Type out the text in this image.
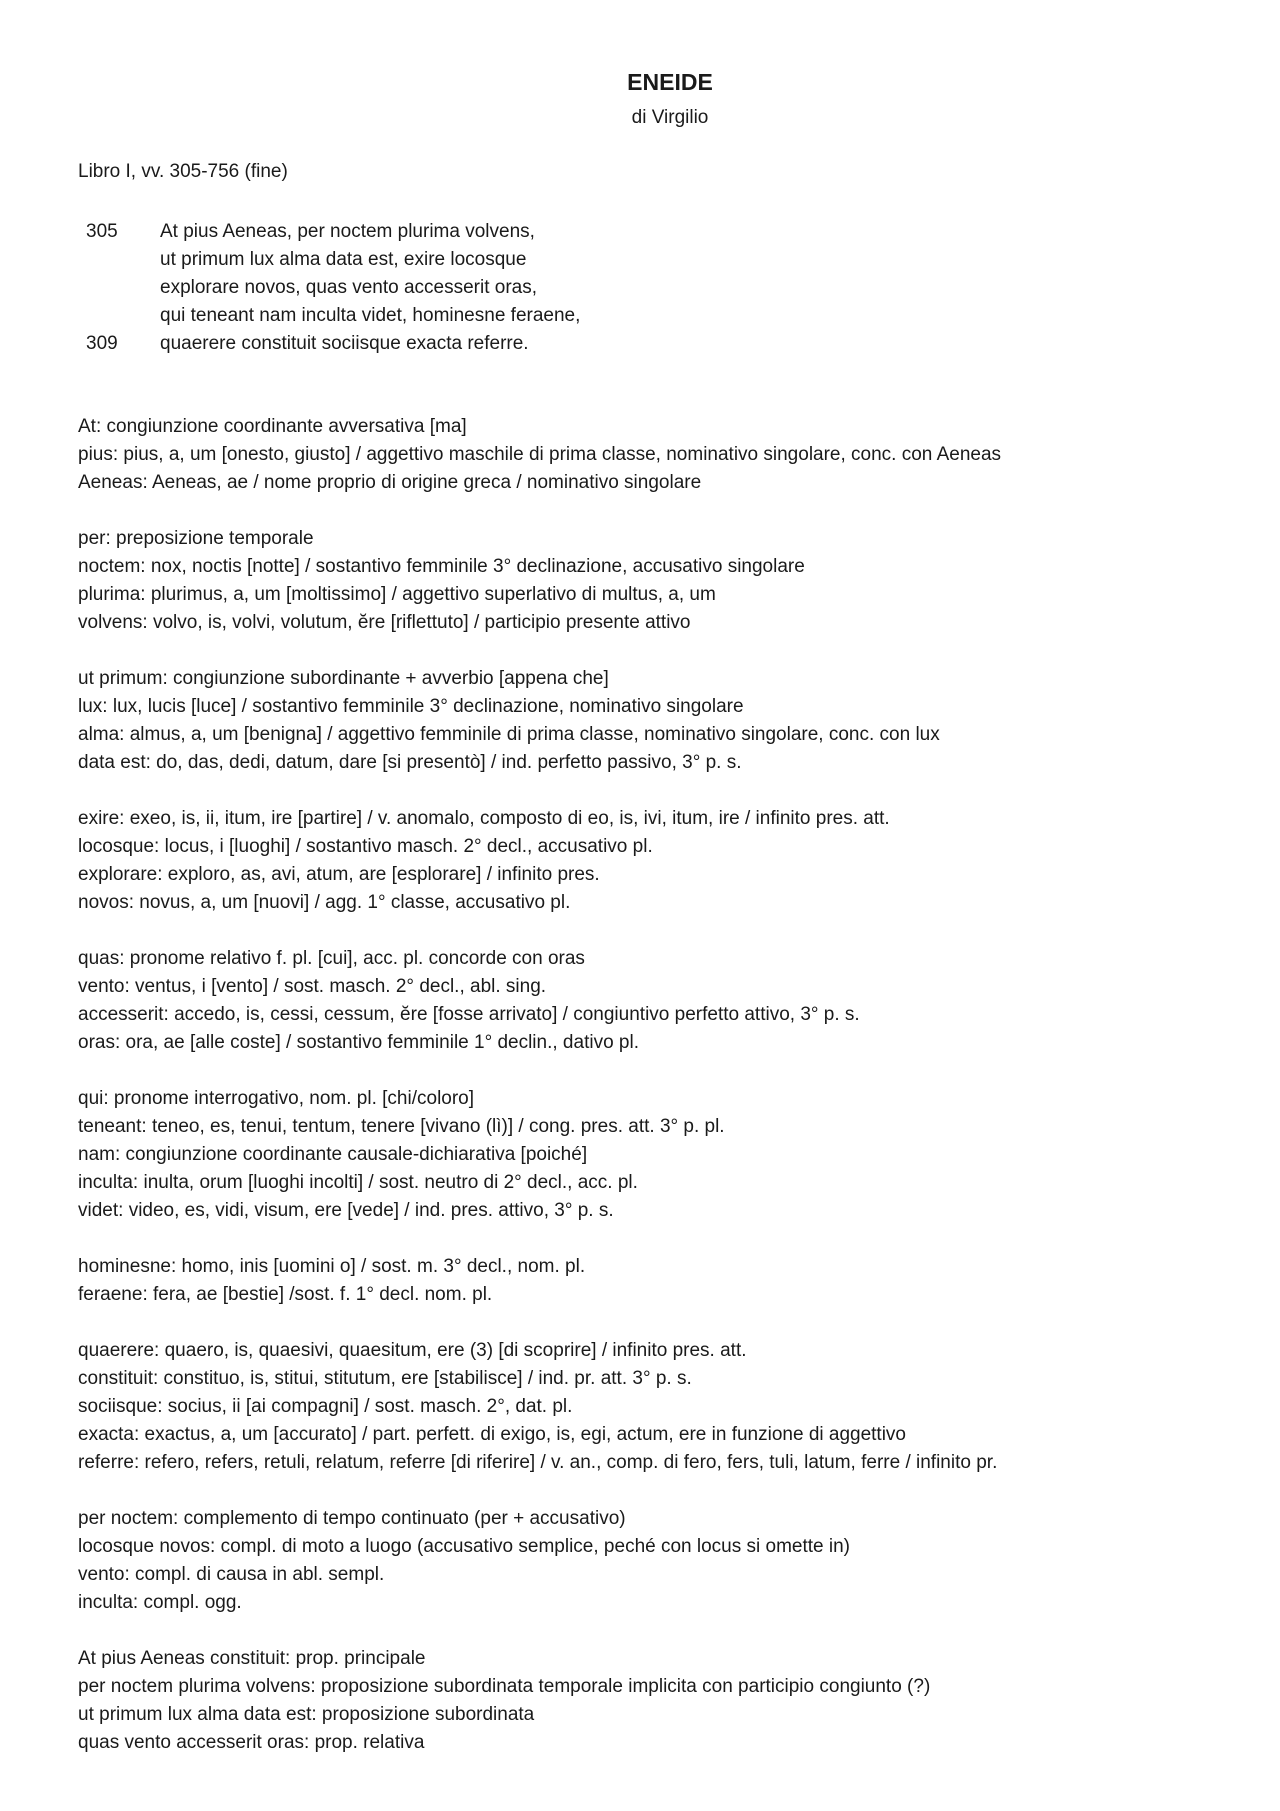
ENEIDE
di Virgilio
Libro I, vv. 305-756 (fine)
305	At pius Aeneas, per noctem plurima volvens,
ut primum lux alma data est, exire locosque
explorare novos, quas vento accesserit oras,
qui teneant nam inculta videt, hominesne feraene,
309	quaerere constituit sociisque exacta referre.
At: congiunzione coordinante avversativa [ma]
pius: pius, a, um [onesto, giusto] / aggettivo maschile di prima classe, nominativo singolare, conc. con Aeneas
Aeneas: Aeneas, ae / nome proprio di origine greca / nominativo singolare
per: preposizione temporale
noctem: nox, noctis [notte] / sostantivo femminile 3° declinazione, accusativo singolare
plurima: plurimus, a, um [moltissimo] / aggettivo superlativo di multus, a, um
volvens: volvo, is, volvi, volutum, ĕre [riflettuto] / participio presente attivo
ut primum: congiunzione subordinante + avverbio [appena che]
lux: lux, lucis [luce] / sostantivo femminile 3° declinazione, nominativo singolare
alma: almus, a, um [benigna] / aggettivo femminile di prima classe, nominativo singolare, conc. con lux
data est: do, das, dedi, datum, dare [si presentò] / ind. perfetto passivo, 3° p. s.
exire: exeo, is, ii, itum, ire [partire] / v. anomalo, composto di eo, is, ivi, itum, ire / infinito pres. att.
locosque: locus, i [luoghi] / sostantivo masch. 2° decl., accusativo pl.
explorare: exploro, as, avi, atum, are [esplorare] / infinito pres.
novos: novus, a, um [nuovi] / agg. 1° classe, accusativo pl.
quas: pronome relativo f. pl. [cui], acc. pl. concorde con oras
vento: ventus, i [vento] / sost. masch. 2° decl., abl. sing.
accesserit: accedo, is, cessi, cessum, ĕre [fosse arrivato] / congiuntivo perfetto attivo, 3° p. s.
oras: ora, ae [alle coste] / sostantivo femminile 1° declin., dativo pl.
qui: pronome interrogativo, nom. pl. [chi/coloro]
teneant: teneo, es, tenui, tentum, tenere [vivano (lì)] / cong. pres. att. 3° p. pl.
nam: congiunzione coordinante causale-dichiarativa [poiché]
inculta: inulta, orum [luoghi incolti] / sost. neutro di 2° decl., acc. pl.
videt: video, es, vidi, visum, ere [vede] / ind. pres. attivo, 3° p. s.
hominesne: homo, inis [uomini o] / sost. m. 3° decl., nom. pl.
feraene: fera, ae [bestie] /sost. f. 1° decl. nom. pl.
quaerere: quaero, is, quaesivi, quaesitum, ere (3) [di scoprire] / infinito pres. att.
constituit: constituo, is, stitui, stitutum, ere [stabilisce] / ind. pr. att. 3° p. s.
sociisque: socius, ii [ai compagni] / sost. masch. 2°, dat. pl.
exacta: exactus, a, um [accurato] / part. perfett. di exigo, is, egi, actum, ere in funzione di aggettivo
referre: refero, refers, retuli, relatum, referre [di riferire] / v. an., comp. di fero, fers, tuli, latum, ferre / infinito pr.
per noctem: complemento di tempo continuato (per + accusativo)
locosque novos: compl. di moto a luogo (accusativo semplice, peché con locus si omette in)
vento: compl. di causa in abl. sempl.
inculta: compl. ogg.
At pius Aeneas constituit: prop. principale
per noctem plurima volvens: proposizione subordinata temporale implicita con participio congiunto (?)
ut primum lux alma data est: proposizione subordinata
quas vento accesserit oras: prop. relativa
